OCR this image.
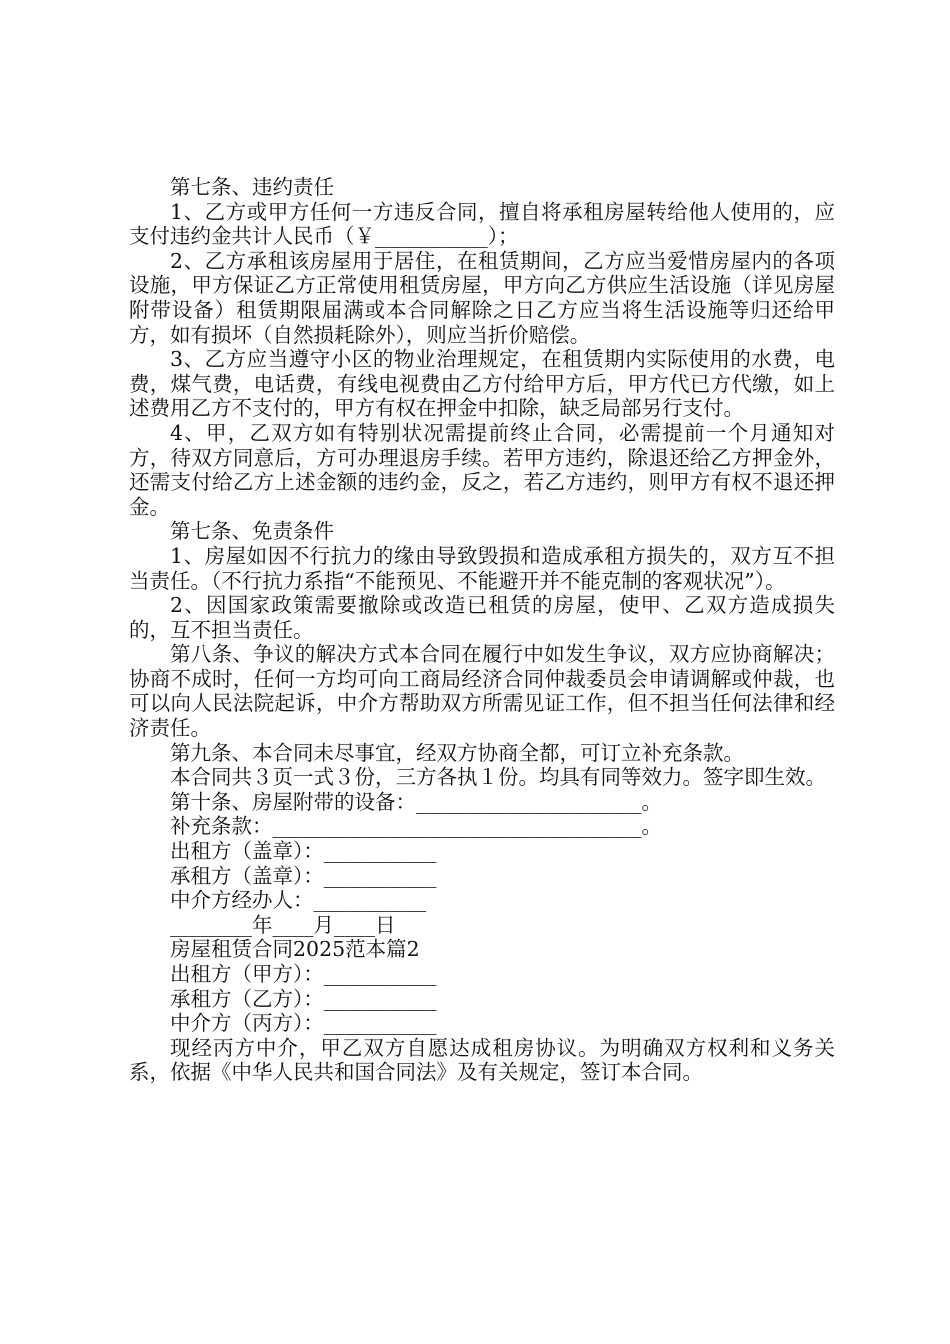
第七条、违约责任
1、乙方或甲方任何一方违反合同，擅自将承租房屋转给他人使用的，应支付违约金共计人民币（￥___________）；
2、乙方承租该房屋用于居住，在租赁期间，乙方应当爱惜房屋内的各项设施，甲方保证乙方正常使用租赁房屋，甲方向乙方供应生活设施（详见房屋附带设备）租赁期限届满或本合同解除之日乙方应当将生活设施等归还给甲方，如有损坏（自然损耗除外），则应当折价赔偿。
3、乙方应当遵守小区的物业治理规定，在租赁期内实际使用的水费，电费，煤气费，电话费，有线电视费由乙方付给甲方后，甲方代已方代缴，如上述费用乙方不支付的，甲方有权在押金中扣除，缺乏局部另行支付。
4、甲，乙双方如有特别状况需提前终止合同，必需提前一个月通知对方，待双方同意后，方可办理退房手续。若甲方违约，除退还给乙方押金外，还需支付给乙方上述金额的违约金，反之，若乙方违约，则甲方有权不退还押金。
第七条、免责条件
1、房屋如因不行抗力的缘由导致毁损和造成承租方损失的，双方互不担当责任。（不行抗力系指“不能预见、不能避开并不能克制的客观状况”）。
2、因国家政策需要撤除或改造已租赁的房屋，使甲、乙双方造成损失的，互不担当责任。
第八条、争议的解决方式本合同在履行中如发生争议，双方应协商解决；协商不成时，任何一方均可向工商局经济合同仲裁委员会申请调解或仲裁，也可以向人民法院起诉，中介方帮助双方所需见证工作，但不担当任何法律和经济责任。
第九条、本合同未尽事宜，经双方协商全都，可订立补充条款。
本合同共３页一式３份，三方各执１份。均具有同等效力。签字即生效。
第十条、房屋附带的设备：______________________。
补充条款：____________________________________。
出租方（盖章）：___________
承租方（盖章）：___________
中介方经办人：___________
________年____月____日
房屋租赁合同2025范本篇2
出租方（甲方）：___________
承租方（乙方）：___________
中介方（丙方）：___________
现经丙方中介，甲乙双方自愿达成租房协议。为明确双方权利和义务关系，依据《中华人民共和国合同法》及有关规定，签订本合同。
